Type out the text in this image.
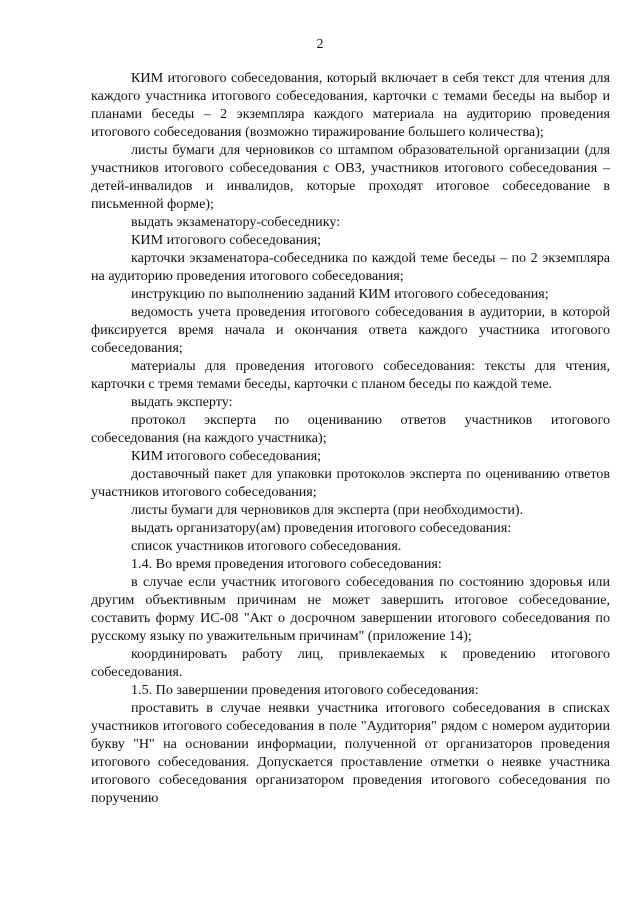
2

КИМ итогового собеседования, который включает в себя текст для чтения для каждого участника итогового собеседования, карточки с темами беседы на выбор и планами беседы – 2 экземпляра каждого материала на аудиторию проведения итогового собеседования (возможно тиражирование большего количества);

листы бумаги для черновиков со штампом образовательной организации (для участников итогового собеседования с ОВЗ, участников итогового собеседования – детей-инвалидов и инвалидов, которые проходят итоговое собеседование в письменной форме);

выдать экзаменатору-собеседнику:

КИМ итогового собеседования;

карточки экзаменатора-собеседника по каждой теме беседы – по 2 экземпляра на аудиторию проведения итогового собеседования;

инструкцию по выполнению заданий КИМ итогового собеседования;

ведомость учета проведения итогового собеседования в аудитории, в которой фиксируется время начала и окончания ответа каждого участника итогового собеседования;

материалы для проведения итогового собеседования: тексты для чтения, карточки с тремя темами беседы, карточки с планом беседы по каждой теме.

выдать эксперту:

протокол эксперта по оцениванию ответов участников итогового собеседования (на каждого участника);

КИМ итогового собеседования;

доставочный пакет для упаковки протоколов эксперта по оцениванию ответов участников итогового собеседования;

листы бумаги для черновиков для эксперта (при необходимости).

выдать организатору(ам) проведения итогового собеседования:

список участников итогового собеседования.

1.4. Во время проведения итогового собеседования:

в случае если участник итогового собеседования по состоянию здоровья или другим объективным причинам не может завершить итоговое собеседование, составить форму ИС-08 "Акт о досрочном завершении итогового собеседования по русскому языку по уважительным причинам" (приложение 14);

координировать работу лиц, привлекаемых к проведению итогового собеседования.

1.5. По завершении проведения итогового собеседования:

проставить в случае неявки участника итогового собеседования в списках участников итогового собеседования в поле "Аудитория" рядом с номером аудитории букву "Н" на основании информации, полученной от организаторов проведения итогового собеседования. Допускается проставление отметки о неявке участника итогового собеседования организатором проведения итогового собеседования по поручению
